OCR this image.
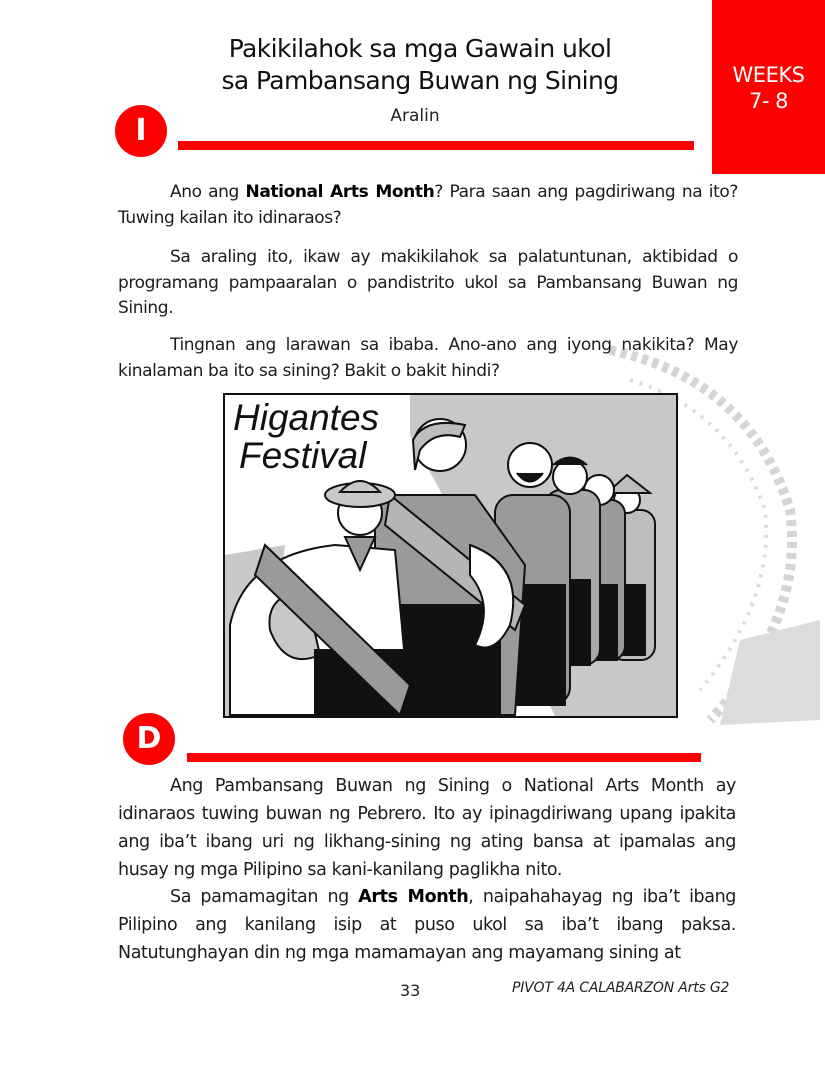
Pakikilahok sa mga Gawain ukol
sa Pambansang Buwan ng Sining	WEEKS
7- 8
I	Aralin
Ano ang National Arts Month? Para saan ang pagdiriwang na ito? Tuwing kailan ito idinaraos?
Sa araling ito, ikaw ay makikilahok sa palatuntunan, aktibidad o programang pampaaralan o pandistrito ukol sa Pambansang Buwan ng Sining.
Tingnan ang larawan sa ibaba. Ano-ano ang iyong nakikita? May kinalaman ba ito sa sining? Bakit o bakit hindi?
Higantes
Festival
D
Ang Pambansang Buwan ng Sining o National Arts Month ay idinaraos tuwing buwan ng Pebrero. Ito ay ipinagdiriwang upang ipakita ang iba’t ibang uri ng likhang-sining ng ating bansa at ipamalas ang husay ng mga Pilipino sa kani-kanilang paglikha nito.
Sa pamamagitan ng Arts Month, naipahahayag ng iba’t ibang Pilipino ang kanilang isip at puso ukol sa iba’t ibang paksa. Natutunghayan din ng mga mamamayan ang mayamang sining at
33	PIVOT 4A CALABARZON Arts G2
